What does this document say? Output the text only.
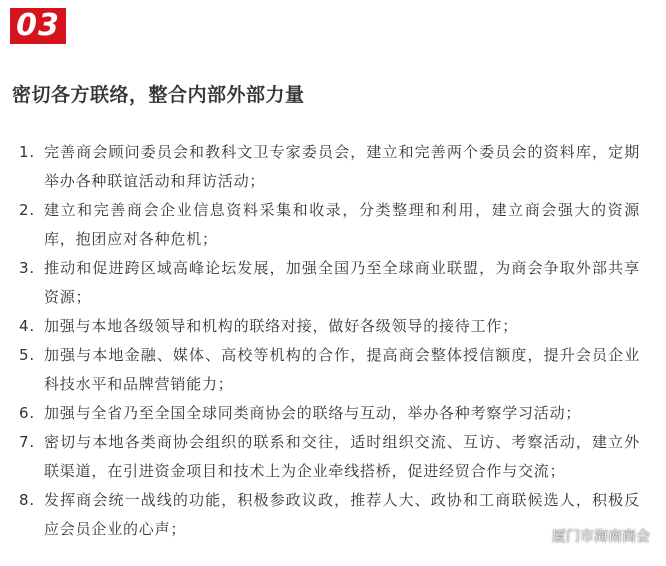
03
密切各方联络，整合内部外部力量
1. 完善商会顾问委员会和教科文卫专家委员会，建立和完善两个委员会的资料库，定期举办各种联谊活动和拜访活动；
2. 建立和完善商会企业信息资料采集和收录，分类整理和利用，建立商会强大的资源库，抱团应对各种危机；
3. 推动和促进跨区域高峰论坛发展，加强全国乃至全球商业联盟，为商会争取外部共享资源；
4. 加强与本地各级领导和机构的联络对接，做好各级领导的接待工作；
5. 加强与本地金融、媒体、高校等机构的合作，提高商会整体授信额度，提升会员企业科技水平和品牌营销能力；
6. 加强与全省乃至全国全球同类商协会的联络与互动，举办各种考察学习活动；
7. 密切与本地各类商协会组织的联系和交往，适时组织交流、互访、考察活动，建立外联渠道，在引进资金项目和技术上为企业牵线搭桥，促进经贸合作与交流；
8. 发挥商会统一战线的功能，积极参政议政，推荐人大、政协和工商联候选人，积极反应会员企业的心声；	厦门市海南商会
